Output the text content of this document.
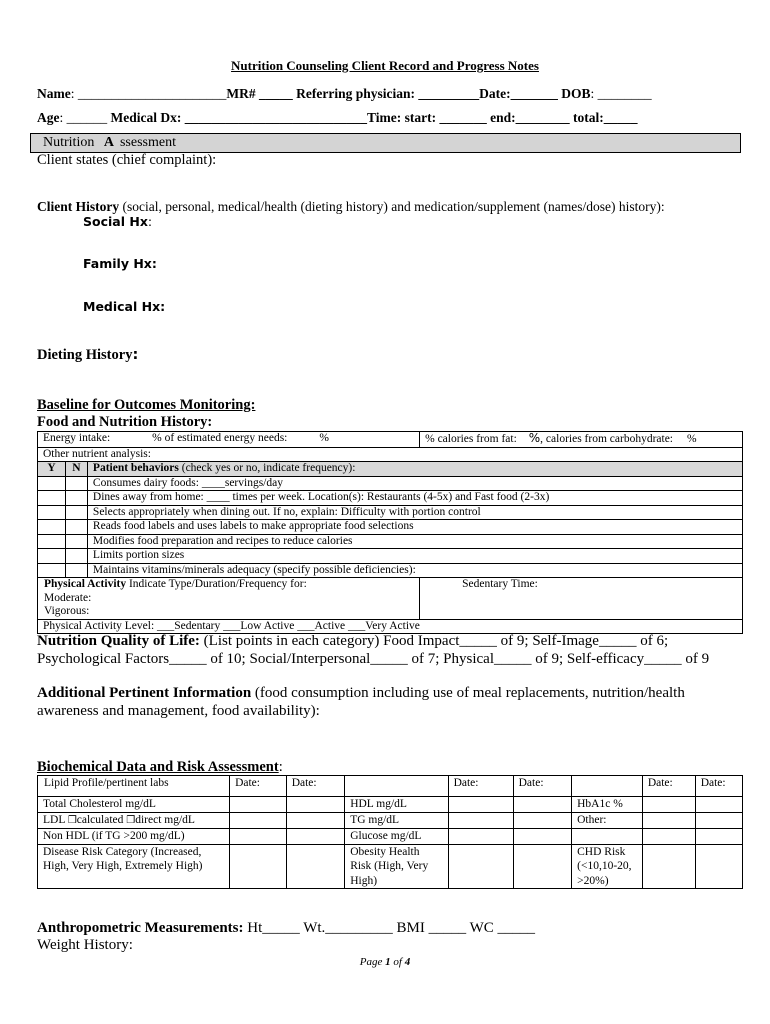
Nutrition Counseling Client Record and Progress Notes
Name: ______________________MR# _____ Referring physician: _________Date:_______ DOB: ________
Age: ______ Medical Dx: ___________________________Time: start: _______ end:________ total:_____
Nutrition A ssessment
Client states (chief complaint):
Client History (social, personal, medical/health (dieting history) and medication/supplement (names/dose) history):
Social Hx:
Family Hx:
Medical Hx:
Dieting History:
Baseline for Outcomes Monitoring:
Food and Nutrition History:
Energy intake: % of estimated energy needs: %			% calories from fat: %, calories from carbohydrate: %
Other nutrient analysis:			
Y	N	Patient behaviors (check yes or no, indicate frequency):	
		Consumes dairy foods: ____servings/day	
		Dines away from home: ____ times per week. Location(s): Restaurants (4-5x) and Fast food (2-3x)	
		Selects appropriately when dining out. If no, explain: Difficulty with portion control	
		Reads food labels and uses labels to make appropriate food selections	
		Modifies food preparation and recipes to reduce calories	
		Limits portion sizes	
		Maintains vitamins/minerals adequacy (specify possible deficiencies):	

Physical Activity Indicate Type/Duration/Frequency for:
Moderate:
Vigorous:			Sedentary Time:
Physical Activity Level: ___Sedentary ___Low Active ___Active ___Very Active			
Nutrition Quality of Life: (List points in each category) Food Impact_____ of 9; Self-Image_____ of 6; Psychological Factors_____ of 10; Social/Interpersonal_____ of 7; Physical_____ of 9; Self-efficacy_____ of 9
Additional Pertinent Information (food consumption including use of meal replacements, nutrition/health awareness and management, food availability):
Biochemical Data and Risk Assessment:
Lipid Profile/pertinent labs	Date:	Date:		Date:	Date:		Date:	Date:
Total Cholesterol mg/dL			HDL mg/dL			HbA1c %		
LDL ❒calculated ❒direct mg/dL			TG mg/dL			Other:		
Non HDL (if TG >200 mg/dL)			Glucose mg/dL					
Disease Risk Category (Increased, High, Very High, Extremely High)			Obesity Health Risk (High, Very High)			CHD Risk (<10,10-20, >20%)		
Anthropometric Measurements: Ht_____ Wt._________ BMI _____ WC _____
Weight History:
Page 1 of 4
